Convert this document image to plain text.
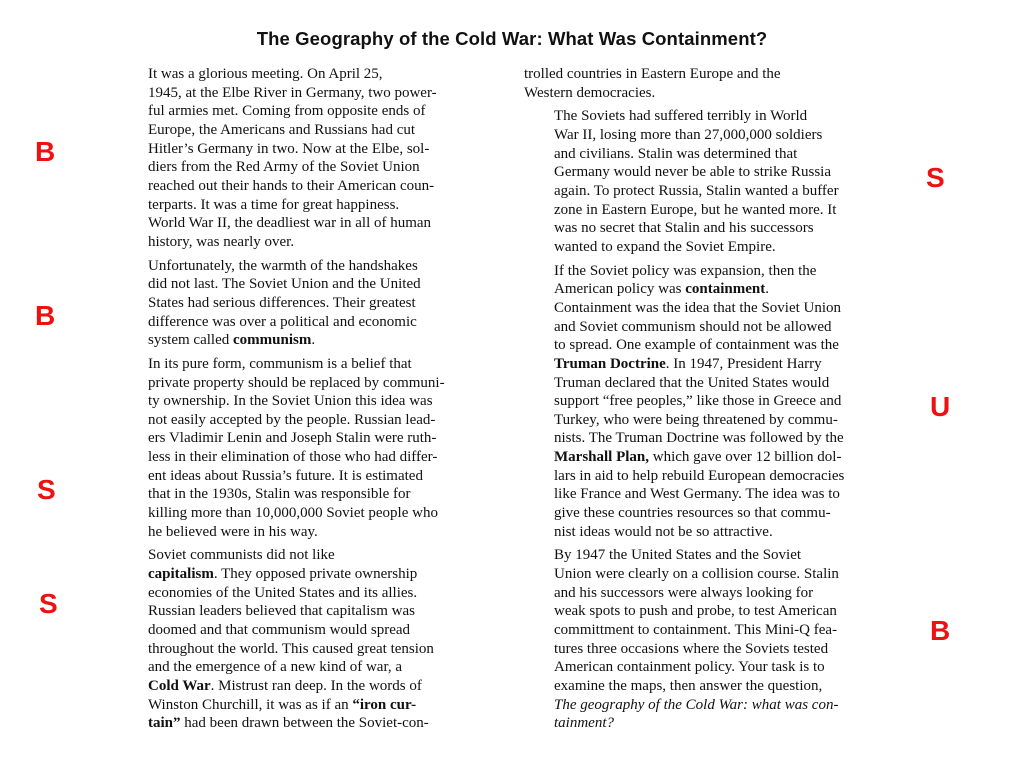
The Geography of the Cold War: What Was Containment?
B
B
S
S
S
U
B

It was a glorious meeting. On April 25,
1945, at the Elbe River in Germany, two power-
ful armies met. Coming from opposite ends of
Europe, the Americans and Russians had cut
Hitler’s Germany in two. Now at the Elbe, sol-
diers from the Red Army of the Soviet Union
reached out their hands to their American coun-
terparts. It was a time for great happiness.
World War II, the deadliest war in all of human
history, was nearly over.

Unfortunately, the warmth of the handshakes
did not last. The Soviet Union and the United
States had serious differences. Their greatest
difference was over a political and economic
system called communism.

In its pure form, communism is a belief that
private property should be replaced by communi-
ty ownership. In the Soviet Union this idea was
not easily accepted by the people. Russian lead-
ers Vladimir Lenin and Joseph Stalin were ruth-
less in their elimination of those who had differ-
ent ideas about Russia’s future. It is estimated
that in the 1930s, Stalin was responsible for
killing more than 10,000,000 Soviet people who
he believed were in his way.

Soviet communists did not like
capitalism. They opposed private ownership
economies of the United States and its allies.
Russian leaders believed that capitalism was
doomed and that communism would spread
throughout the world. This caused great tension
and the emergence of a new kind of war, a
Cold War. Mistrust ran deep. In the words of
Winston Churchill, it was as if an “iron cur-
tain” had been drawn between the Soviet-con-

trolled countries in Eastern Europe and the
Western democracies.

The Soviets had suffered terribly in World
War II, losing more than 27,000,000 soldiers
and civilians. Stalin was determined that
Germany would never be able to strike Russia
again. To protect Russia, Stalin wanted a buffer
zone in Eastern Europe, but he wanted more. It
was no secret that Stalin and his successors
wanted to expand the Soviet Empire.

If the Soviet policy was expansion, then the
American policy was containment.
Containment was the idea that the Soviet Union
and Soviet communism should not be allowed
to spread. One example of containment was the
Truman Doctrine. In 1947, President Harry
Truman declared that the United States would
support “free peoples,” like those in Greece and
Turkey, who were being threatened by commu-
nists. The Truman Doctrine was followed by the
Marshall Plan, which gave over 12 billion dol-
lars in aid to help rebuild European democracies
like France and West Germany. The idea was to
give these countries resources so that commu-
nist ideas would not be so attractive.

By 1947 the United States and the Soviet
Union were clearly on a collision course. Stalin
and his successors were always looking for
weak spots to push and probe, to test American
committment to containment. This Mini-Q fea-
tures three occasions where the Soviets tested
American containment policy. Your task is to
examine the maps, then answer the question,
The geography of the Cold War: what was con-
tainment?
